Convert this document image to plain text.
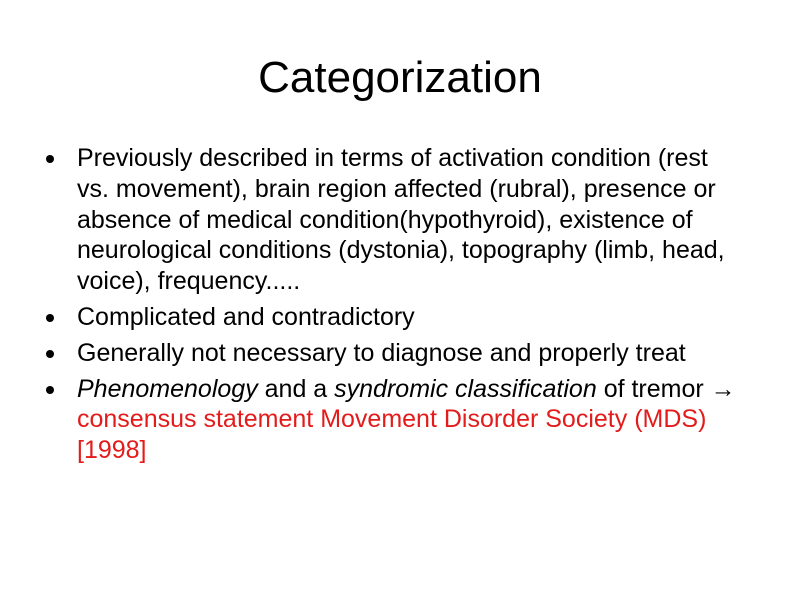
Categorization
Previously described in terms of activation condition (rest vs. movement), brain region affected (rubral), presence or absence of medical condition(hypothyroid), existence of neurological conditions (dystonia), topography (limb, head, voice), frequency.....
Complicated and contradictory
Generally not necessary to diagnose and properly treat
Phenomenology and a syndromic classification of tremor →consensus statement Movement Disorder Society (MDS) [1998]
